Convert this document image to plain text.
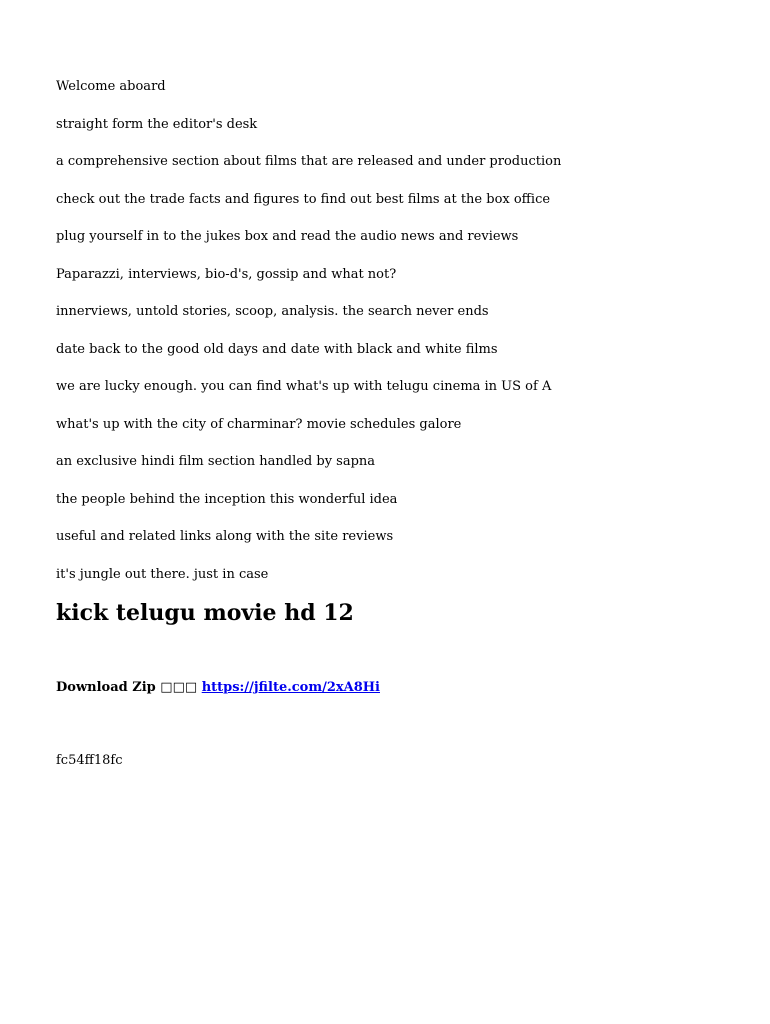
Welcome aboard
straight form the editor's desk
a comprehensive section about films that are released and under production
check out the trade facts and figures to find out best films at the box office
plug yourself in to the jukes box and read the audio news and reviews
Paparazzi, interviews, bio-d's, gossip and what not?
innerviews, untold stories, scoop, analysis. the search never ends
date back to the good old days and date with black and white films
we are lucky enough. you can find what's up with telugu cinema in US of A
what's up with the city of charminar? movie schedules galore
an exclusive hindi film section handled by sapna
the people behind the inception this wonderful idea
useful and related links along with the site reviews
it's jungle out there. just in case
kick telugu movie hd 12
Download Zip □□□ https://jfilte.com/2xA8Hi
fc54ff18fc
